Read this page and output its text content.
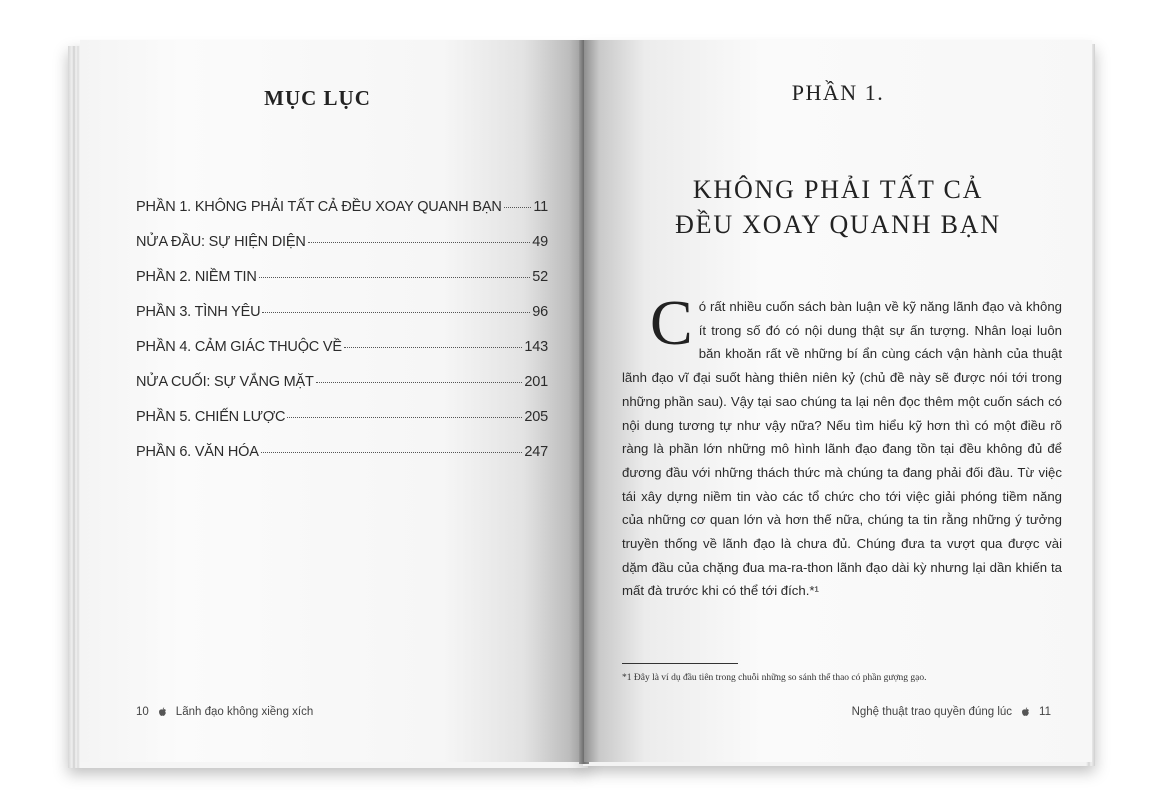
MỤC LỤC
PHẦN 1. KHÔNG PHẢI TẤT CẢ ĐỀU XOAY QUANH BẠN 11
NỬA ĐẦU: SỰ HIỆN DIỆN	49
PHẦN 2. NIỀM TIN	52
PHẦN 3. TÌNH YÊU	96
PHẦN 4. CẢM GIÁC THUỘC VỀ	143
NỬA CUỐI: SỰ VẮNG MẶT	201
PHẦN 5. CHIẾN LƯỢC	205
PHẦN 6. VĂN HÓA	247
10 Lãnh đạo không xiềng xích
PHẦN 1.
KHÔNG PHẢI TẤT CẢ
ĐỀU XOAY QUANH BẠN
C ó rất nhiều cuốn sách bàn luận về kỹ năng lãnh đạo và không ít trong số đó có nội dung thật sự ấn tượng. Nhân loại luôn băn khoăn rất về những bí ẩn cùng cách vận hành của thuật lãnh đạo vĩ đại suốt hàng thiên niên kỷ (chủ đề này sẽ được nói tới trong những phần sau). Vậy tại sao chúng ta lại nên đọc thêm một cuốn sách có nội dung tương tự như vậy nữa? Nếu tìm hiểu kỹ hơn thì có một điều rõ ràng là phần lớn những mô hình lãnh đạo đang tồn tại đều không đủ để đương đầu với những thách thức mà chúng ta đang phải đối đầu. Từ việc tái xây dựng niềm tin vào các tổ chức cho tới việc giải phóng tiềm năng của những cơ quan lớn và hơn thế nữa, chúng ta tin rằng những ý tưởng truyền thống về lãnh đạo là chưa đủ. Chúng đưa ta vượt qua được vài dặm đầu của chặng đua ma-ra-thon lãnh đạo dài kỳ nhưng lại dần khiến ta mất đà trước khi có thể tới đích.*¹
*1 Đây là ví dụ đầu tiên trong chuỗi những so sánh thể thao có phần gượng gạo.
Nghệ thuật trao quyền đúng lúc 11
